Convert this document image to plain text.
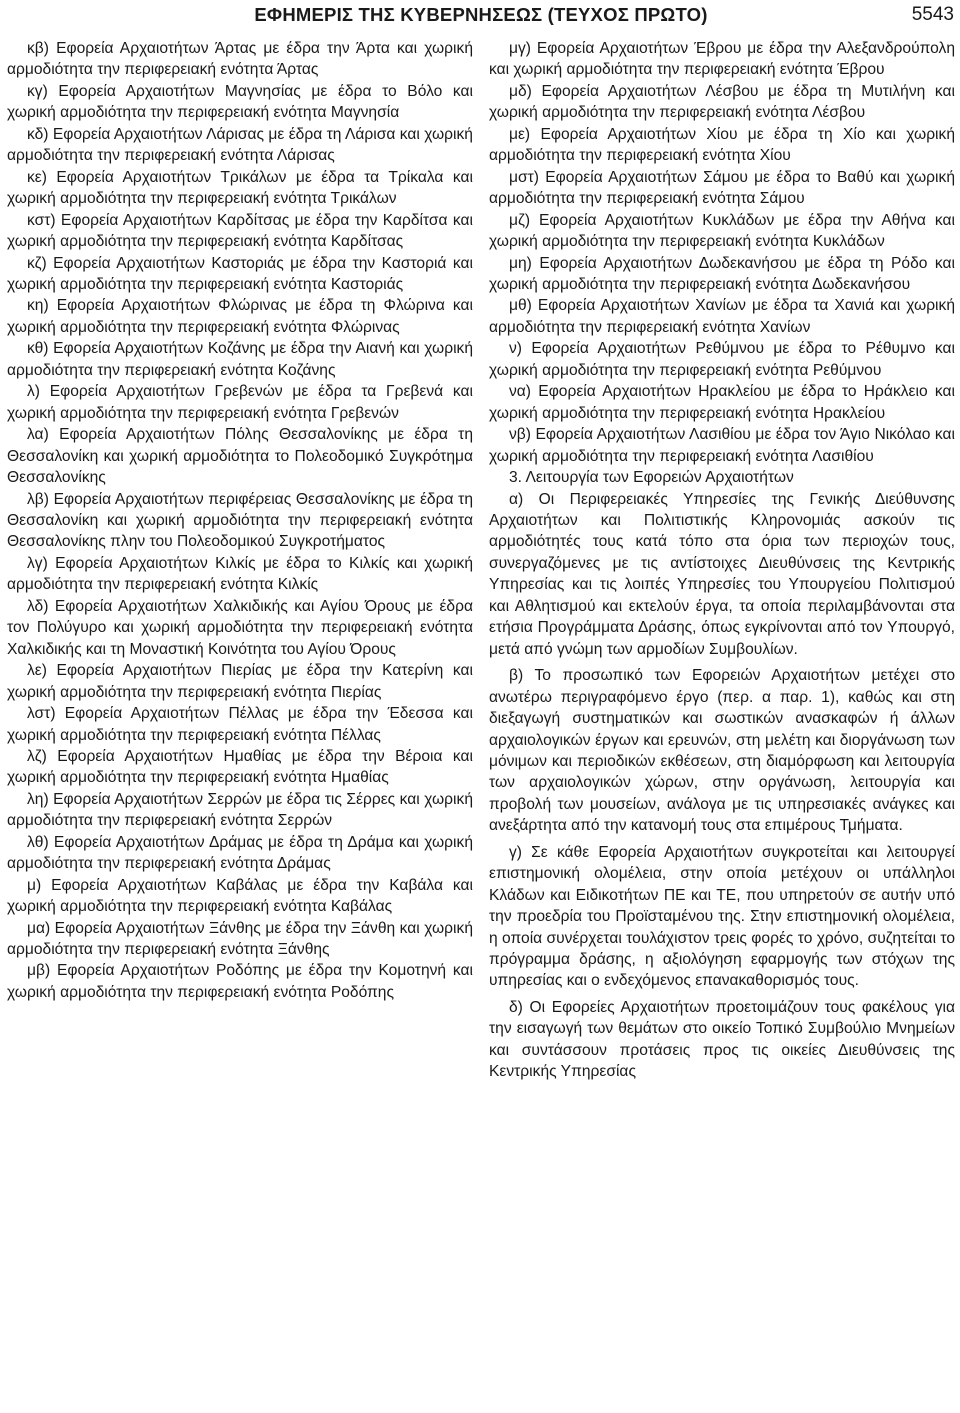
ΕΦΗΜΕΡΙΣ ΤΗΣ ΚΥΒΕΡΝΗΣΕΩΣ (ΤΕΥΧΟΣ ΠΡΩΤΟ)	5543

κβ) Εφορεία Αρχαιοτήτων Άρτας με έδρα την Άρτα και χωρική αρμοδιότητα την περιφερειακή ενότητα Άρτας

κγ) Εφορεία Αρχαιοτήτων Μαγνησίας με έδρα το Βόλο και χωρική αρμοδιότητα την περιφερειακή ενότητα Μαγνησία

κδ) Εφορεία Αρχαιοτήτων Λάρισας με έδρα τη Λάρισα και χωρική αρμοδιότητα την περιφερειακή ενότητα Λάρισας

κε) Εφορεία Αρχαιοτήτων Τρικάλων με έδρα τα Τρίκαλα και χωρική αρμοδιότητα την περιφερειακή ενότητα Τρικάλων

κστ) Εφορεία Αρχαιοτήτων Καρδίτσας με έδρα την Καρδίτσα και χωρική αρμοδιότητα την περιφερειακή ενότητα Καρδίτσας

κζ) Εφορεία Αρχαιοτήτων Καστοριάς με έδρα την Καστοριά και χωρική αρμοδιότητα την περιφερειακή ενότητα Καστοριάς

κη) Εφορεία Αρχαιοτήτων Φλώρινας με έδρα τη Φλώρινα και χωρική αρμοδιότητα την περιφερειακή ενότητα Φλώρινας

κθ) Εφορεία Αρχαιοτήτων Κοζάνης με έδρα την Αιανή και χωρική αρμοδιότητα την περιφερειακή ενότητα Κοζάνης

λ) Εφορεία Αρχαιοτήτων Γρεβενών με έδρα τα Γρεβενά και χωρική αρμοδιότητα την περιφερειακή ενότητα Γρεβενών

λα) Εφορεία Αρχαιοτήτων Πόλης Θεσσαλονίκης με έδρα τη Θεσσαλονίκη και χωρική αρμοδιότητα το Πολεοδομικό Συγκρότημα Θεσσαλονίκης

λβ) Εφορεία Αρχαιοτήτων περιφέρειας Θεσσαλονίκης με έδρα τη Θεσσαλονίκη και χωρική αρμοδιότητα την περιφερειακή ενότητα Θεσσαλονίκης πλην του Πολεοδομικού Συγκροτήματος

λγ) Εφορεία Αρχαιοτήτων Κιλκίς με έδρα το Κιλκίς και χωρική αρμοδιότητα την περιφερειακή ενότητα Κιλκίς

λδ) Εφορεία Αρχαιοτήτων Χαλκιδικής και Αγίου Όρους με έδρα τον Πολύγυρο και χωρική αρμοδιότητα την περιφερειακή ενότητα Χαλκιδικής και τη Μοναστική Κοινότητα του Αγίου Όρους

λε) Εφορεία Αρχαιοτήτων Πιερίας με έδρα την Κατερίνη και χωρική αρμοδιότητα την περιφερειακή ενότητα Πιερίας

λστ) Εφορεία Αρχαιοτήτων Πέλλας με έδρα την Έδεσσα και χωρική αρμοδιότητα την περιφερειακή ενότητα Πέλλας

λζ) Εφορεία Αρχαιοτήτων Ημαθίας με έδρα την Βέροια και χωρική αρμοδιότητα την περιφερειακή ενότητα Ημαθίας

λη) Εφορεία Αρχαιοτήτων Σερρών με έδρα τις Σέρρες και χωρική αρμοδιότητα την περιφερειακή ενότητα Σερρών

λθ) Εφορεία Αρχαιοτήτων Δράμας με έδρα τη Δράμα και χωρική αρμοδιότητα την περιφερειακή ενότητα Δράμας

μ) Εφορεία Αρχαιοτήτων Καβάλας με έδρα την Καβάλα και χωρική αρμοδιότητα την περιφερειακή ενότητα Καβάλας

μα) Εφορεία Αρχαιοτήτων Ξάνθης με έδρα την Ξάνθη και χωρική αρμοδιότητα την περιφερειακή ενότητα Ξάνθης

μβ) Εφορεία Αρχαιοτήτων Ροδόπης με έδρα την Κομοτηνή και χωρική αρμοδιότητα την περιφερειακή ενότητα Ροδόπης

μγ) Εφορεία Αρχαιοτήτων Έβρου με έδρα την Αλεξανδρούπολη και χωρική αρμοδιότητα την περιφερειακή ενότητα Έβρου

μδ) Εφορεία Αρχαιοτήτων Λέσβου με έδρα τη Μυτιλήνη και χωρική αρμοδιότητα την περιφερειακή ενότητα Λέσβου

με) Εφορεία Αρχαιοτήτων Χίου με έδρα τη Χίο και χωρική αρμοδιότητα την περιφερειακή ενότητα Χίου

μστ) Εφορεία Αρχαιοτήτων Σάμου με έδρα το Βαθύ και χωρική αρμοδιότητα την περιφερειακή ενότητα Σάμου

μζ) Εφορεία Αρχαιοτήτων Κυκλάδων με έδρα την Αθήνα και χωρική αρμοδιότητα την περιφερειακή ενότητα Κυκλάδων

μη) Εφορεία Αρχαιοτήτων Δωδεκανήσου με έδρα τη Ρόδο και χωρική αρμοδιότητα την περιφερειακή ενότητα Δωδεκανήσου

μθ) Εφορεία Αρχαιοτήτων Χανίων με έδρα τα Χανιά και χωρική αρμοδιότητα την περιφερειακή ενότητα Χανίων

ν) Εφορεία Αρχαιοτήτων Ρεθύμνου με έδρα το Ρέθυμνο και χωρική αρμοδιότητα την περιφερειακή ενότητα Ρεθύμνου

να) Εφορεία Αρχαιοτήτων Ηρακλείου με έδρα το Ηράκλειο και χωρική αρμοδιότητα την περιφερειακή ενότητα Ηρακλείου

νβ) Εφορεία Αρχαιοτήτων Λασιθίου με έδρα τον Άγιο Νικόλαο και χωρική αρμοδιότητα την περιφερειακή ενότητα Λασιθίου

3. Λειτουργία των Εφορειών Αρχαιοτήτων

α) Οι Περιφερειακές Υπηρεσίες της Γενικής Διεύθυνσης Αρχαιοτήτων και Πολιτιστικής Κληρονομιάς ασκούν τις αρμοδιότητές τους κατά τόπο στα όρια των περιοχών τους, συνεργαζόμενες με τις αντίστοιχες Διευθύνσεις της Κεντρικής Υπηρεσίας και τις λοιπές Υπηρεσίες του Υπουργείου Πολιτισμού και Αθλητισμού και εκτελούν έργα, τα οποία περιλαμβάνονται στα ετήσια Προγράμματα Δράσης, όπως εγκρίνονται από τον Υπουργό, μετά από γνώμη των αρμοδίων Συμβουλίων.

β) Το προσωπικό των Εφορειών Αρχαιοτήτων μετέχει στο ανωτέρω περιγραφόμενο έργο (περ. α παρ. 1), καθώς και στη διεξαγωγή συστηματικών και σωστικών ανασκαφών ή άλλων αρχαιολογικών έργων και ερευνών, στη μελέτη και διοργάνωση των μόνιμων και περιοδικών εκθέσεων, στη διαμόρφωση και λειτουργία των αρχαιολογικών χώρων, στην οργάνωση, λειτουργία και προβολή των μουσείων, ανάλογα με τις υπηρεσιακές ανάγκες και ανεξάρτητα από την κατανομή τους στα επιμέρους Τμήματα.

γ) Σε κάθε Εφορεία Αρχαιοτήτων συγκροτείται και λειτουργεί επιστημονική ολομέλεια, στην οποία μετέχουν οι υπάλληλοι Κλάδων και Ειδικοτήτων ΠΕ και ΤΕ, που υπηρετούν σε αυτήν υπό την προεδρία του Προϊσταμένου της. Στην επιστημονική ολομέλεια, η οποία συνέρχεται τουλάχιστον τρεις φορές το χρόνο, συζητείται το πρόγραμμα δράσης, η αξιολόγηση εφαρμογής των στόχων της υπηρεσίας και ο ενδεχόμενος επανακαθορισμός τους.

δ) Οι Εφορείες Αρχαιοτήτων προετοιμάζουν τους φακέλους για την εισαγωγή των θεμάτων στο οικείο Τοπικό Συμβούλιο Μνημείων και συντάσσουν προτάσεις προς τις οικείες Διευθύνσεις της Κεντρικής Υπηρεσίας
